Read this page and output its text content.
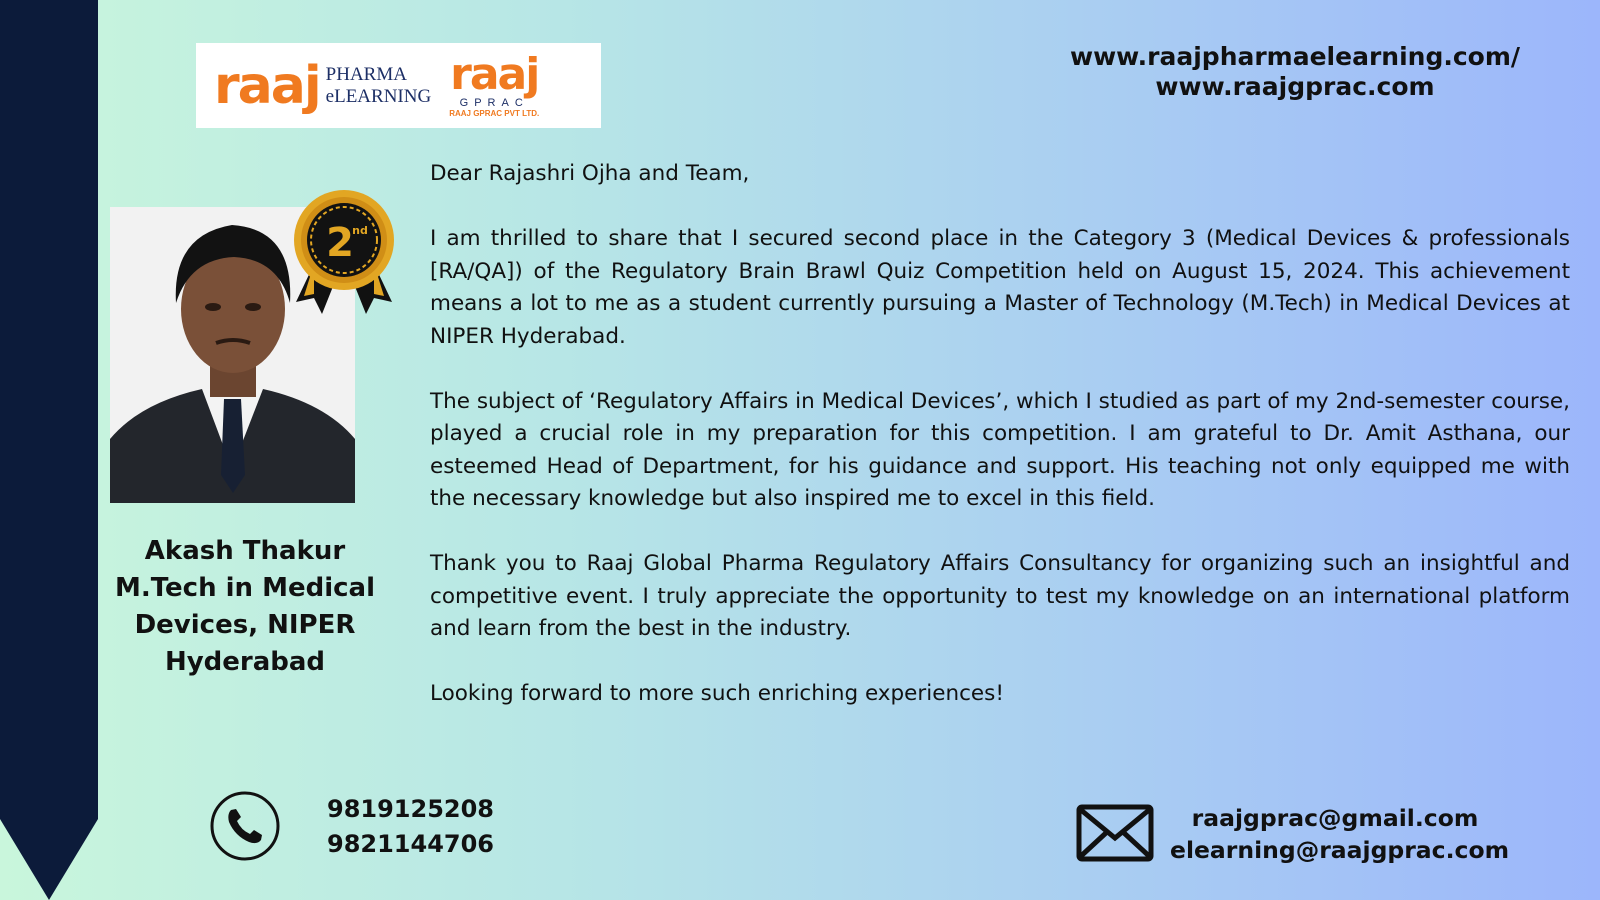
raaj PHARMA
eLEARNING raaj
GPRAC
RAAJ GPRAC PVT LTD.
www.raajpharmaelearning.com/
www.raajgprac.com
2
nd
Akash Thakur
M.Tech in Medical
Devices, NIPER
Hyderabad

Dear Rajashri Ojha and Team,

I am thrilled to share that I secured second place in the Category 3 (Medical Devices & professionals [RA/QA]) of the Regulatory Brain Brawl Quiz Competition held on August 15, 2024. This achievement means a lot to me as a student currently pursuing a Master of Technology (M.Tech) in Medical Devices at NIPER Hyderabad.

The subject of ‘Regulatory Affairs in Medical Devices’, which I studied as part of my 2nd-semester course, played a crucial role in my preparation for this competition. I am grateful to Dr. Amit Asthana, our esteemed Head of Department, for his guidance and support. His teaching not only equipped me with the necessary knowledge but also inspired me to excel in this field.

Thank you to Raaj Global Pharma Regulatory Affairs Consultancy for organizing such an insightful and competitive event. I truly appreciate the opportunity to test my knowledge on an international platform and learn from the best in the industry.

Looking forward to more such enriching experiences!

9819125208
9821144706
raajgprac@gmail.com
elearning@raajgprac.com
